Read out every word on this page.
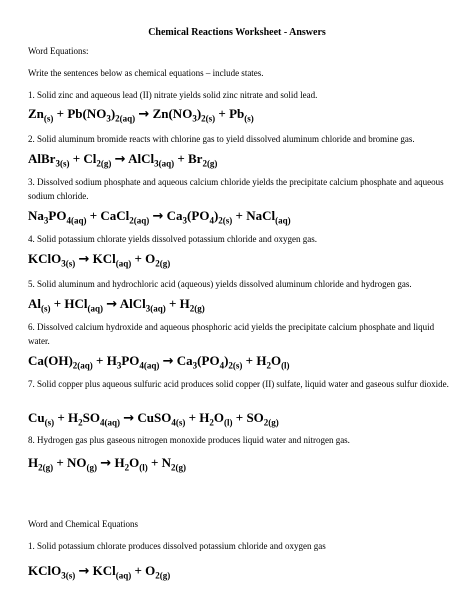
Chemical Reactions Worksheet - Answers
Word Equations:
Write the sentences below as chemical equations – include states.
1. Solid zinc and aqueous lead (II) nitrate yields solid zinc nitrate and solid lead.
$Zn_{(s)} + Pb(NO_3)_{2(aq)} \to Zn(NO_3)_{2(s)} + Pb_{(s)}$
2. Solid aluminum bromide reacts with chlorine gas to yield dissolved aluminum chloride and bromine gas.
AlBr$_{3(s)}$ + $Cl_{2(g)}$ → AlCl$_{3(aq)}$ + $Br_{2(g)}$
3. Dissolved sodium phosphate and aqueous calcium chloride yields the precipitate calcium phosphate and aqueous sodium chloride.
$Na_3PO_{4(aq)}$ + CaCl$_{2(aq)}$ → $Ca_3(PO_4)_{2(s)}$ + NaCl$_{(aq)}$
4. Solid potassium chlorate yields dissolved potassium chloride and oxygen gas.
KClO$_{3(s)}$ → $KCl_{(aq)} + O_{2(g)}$
5. Solid aluminum and hydrochloric acid (aqueous) yields dissolved aluminum chloride and hydrogen gas.
$Al_{(s)} + HCl_{(aq)}$ → AlCl$_{3(aq)}$ + $H_{2(g)}$
6. Dissolved calcium hydroxide and aqueous phosphoric acid yields the precipitate calcium phosphate and liquid water.
$Ca(OH)_{2(aq)} + H_3PO_{4(aq)} \to Ca_3(PO_4)_{2(s)} + H_2O_{(l)}$
7. Solid copper plus aqueous sulfuric acid produces solid copper (II) sulfate, liquid water and gaseous sulfur dioxide.
$Cu_{(s)} + H_2SO_{4(aq)}$ → CuSO$_{4(s)}$ + $H_2O_{(l)} + SO_{2(g)}$
8. Hydrogen gas plus gaseous nitrogen monoxide produces liquid water and nitrogen gas.
$H_{2(g)} + NO_{(g)} \to H_2O_{(l)} + N_{2(g)}$
Word and Chemical Equations
1. Solid potassium chlorate produces dissolved potassium chloride and oxygen gas
KClO$_{3(s)}$ → $KCl_{(aq)} + O_{2(g)}$
